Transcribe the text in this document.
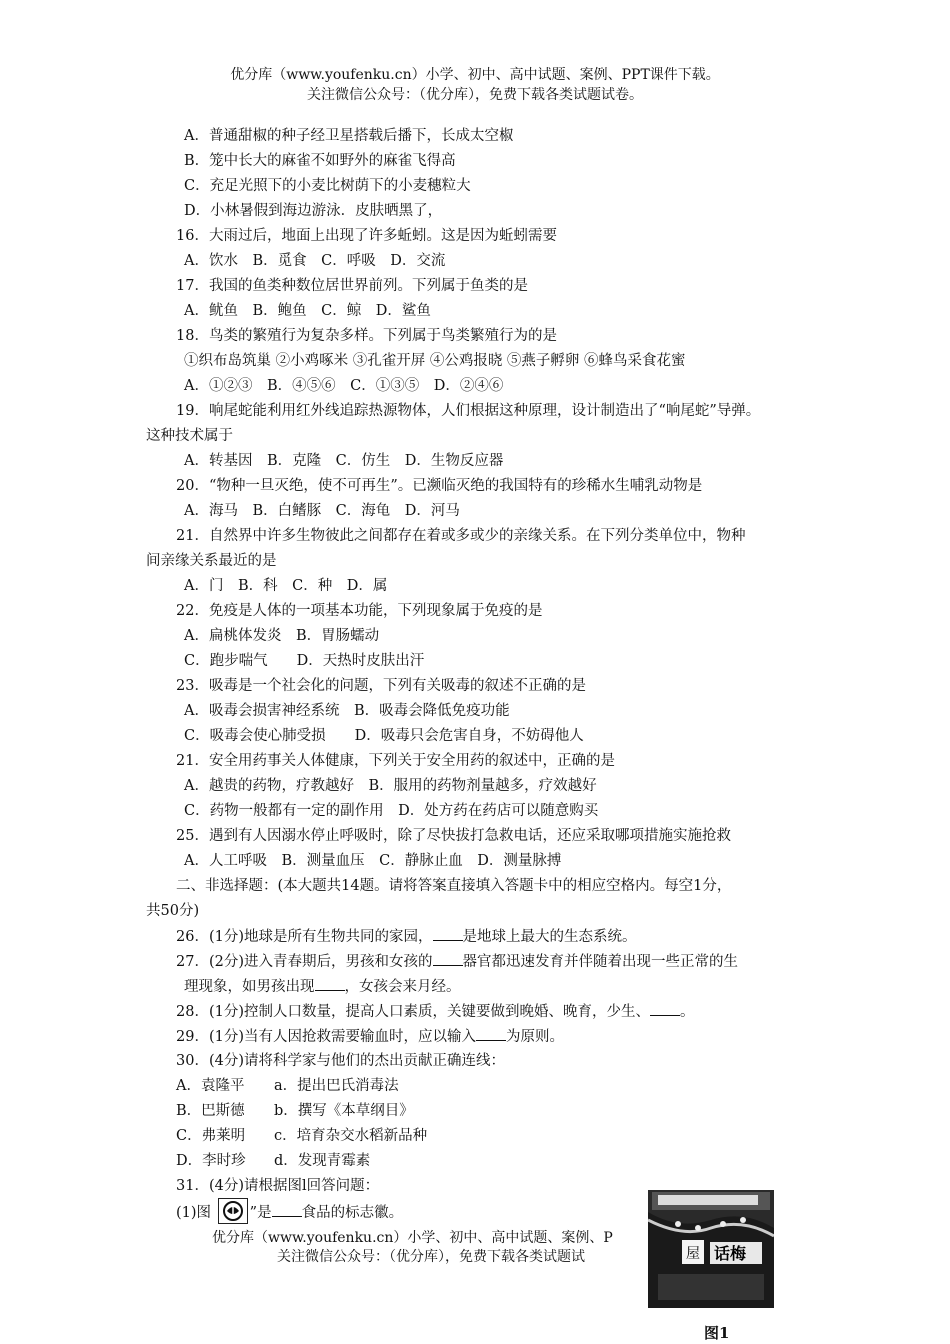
优分库（www.youfenku.cn）小学、初中、高中试题、案例、PPT课件下载。
关注微信公众号：（优分库），免费下载各类试题试卷。
A．普通甜椒的种子经卫星搭载后播下，长成太空椒
B．笼中长大的麻雀不如野外的麻雀飞得高
C．充足光照下的小麦比树荫下的小麦穗粒大
D．小林暑假到海边游泳．皮肤晒黑了，
16．大雨过后，地面上出现了许多蚯蚓。这是因为蚯蚓需要
A．饮水　B．觅食　C．呼吸　D．交流
17．我国的鱼类种数位居世界前列。下列属于鱼类的是
A．鱿鱼　B．鲍鱼　C．鲸　D．鲨鱼
18．鸟类的繁殖行为复杂多样。下列属于鸟类繁殖行为的是
①织布岛筑巢 ②小鸡啄米 ③孔雀开屏 ④公鸡报晓 ⑤燕子孵卵 ⑥蜂鸟采食花蜜
A．①②③　B．④⑤⑥　C．①③⑤　D．②④⑥
19．响尾蛇能利用红外线追踪热源物体，人们根据这种原理，设计制造出了“响尾蛇”导弹。
这种技术属于
A．转基因　B．克隆　C．仿生　D．生物反应器
20．“物种一旦灭绝，使不可再生”。已濒临灭绝的我国特有的珍稀水生哺乳动物是
A．海马　B．白鳍豚　C．海龟　D．河马
21．自然界中许多生物彼此之间都存在着或多或少的亲缘关系。在下列分类单位中，物种
间亲缘关系最近的是
A．门　B．科　C．种　D．属
22．免疫是人体的一项基本功能，下列现象属于免疫的是
A．扁桃体发炎　B．胃肠蠕动
C．跑步喘气　　D．天热时皮肤出汗
23．吸毒是一个社会化的问题，下列有关吸毒的叙述不正确的是
A．吸毒会损害神经系统　B．吸毒会降低免疫功能
C．吸毒会使心肺受损　　D．吸毒只会危害自身，不妨碍他人
21．安全用药事关人体健康，下列关于安全用药的叙述中，正确的是
A．越贵的药物，疗教越好　B．服用的药物剂量越多，疗效越好
C．药物一般都有一定的副作用　D．处方药在药店可以随意购买
25．遇到有人因溺水停止呼吸时，除了尽快拔打急救电话，还应采取哪项措施实施抢救
A．人工呼吸　B．测量血压　C．静脉止血　D．测量脉搏
二、非选择题：(本大题共14题。请将答案直接填入答题卡中的相应空格内。每空1分，
共50分)
26．(1分)地球是所有生物共同的家园， 是地球上最大的生态系统。
27．(2分)进入青春期后，男孩和女孩的 器官都迅速发育并伴随着出现一些正常的生
理现象，如男孩出现 ，女孩会来月经。
28．(1分)控制人口数量，提高人口素质，关键要做到晚婚、晚育，少生、 。
29．(1分)当有人因抢救需要输血时，应以输入 为原则。
30．(4分)请将科学家与他们的杰出贡献正确连线：
A．袁隆平 a．提出巴氏消毒法
B．巴斯德 b．撰写《本草纲目》
C．弗莱明 c．培育杂交水稻新品种
D．李时珍 d．发现青霉素
31．(4分)请根据图l回答问题：
(1)图	”是 食品的标志徽。
优分库（www.youfenku.cn）小学、初中、高中试题、案例、P
关注微信公众号：（优分库），免费下载各类试题试	屋 话梅
图1
